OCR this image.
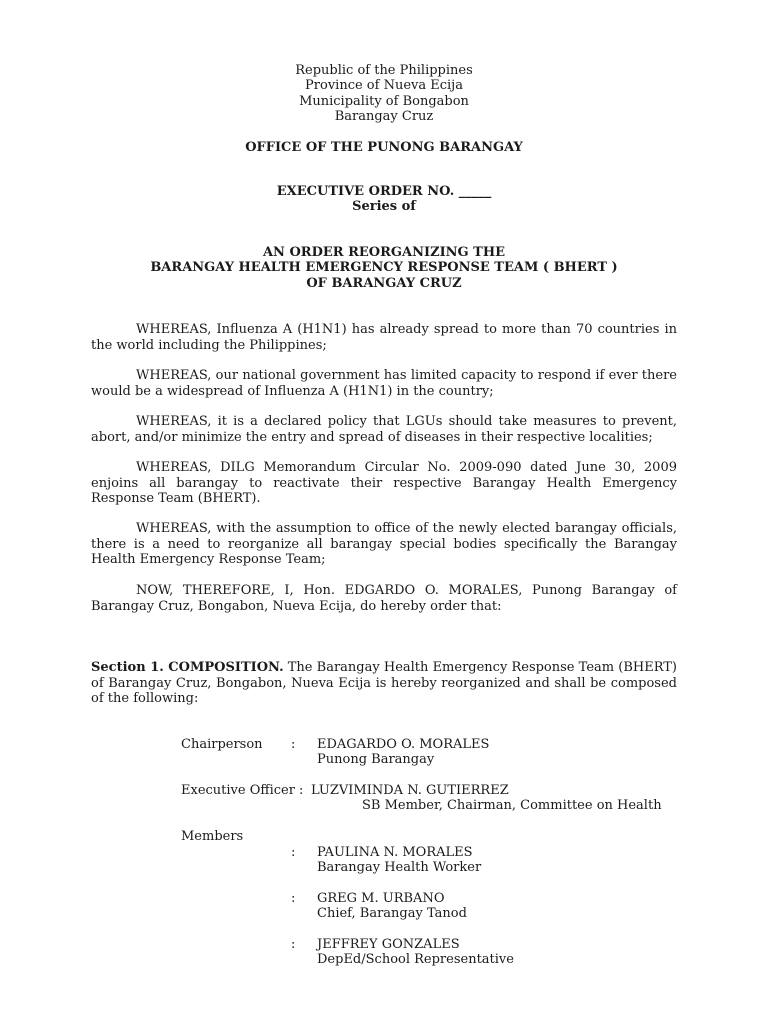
Republic of the Philippines
Province of Nueva Ecija
Municipality of Bongabon
Barangay Cruz
OFFICE OF THE PUNONG BARANGAY
EXECUTIVE ORDER NO. _____
Series of
AN ORDER REORGANIZING THE
BARANGAY HEALTH EMERGENCY RESPONSE TEAM ( BHERT )
OF BARANGAY CRUZ
WHEREAS, Influenza A (H1N1) has already spread to more than 70 countries in the world including the Philippines;
WHEREAS, our national government has limited capacity to respond if ever there would be a widespread of Influenza A (H1N1) in the country;
WHEREAS, it is a declared policy that LGUs should take measures to prevent, abort, and/or minimize the entry and spread of diseases in their respective localities;
WHEREAS, DILG Memorandum Circular No. 2009-090 dated June 30, 2009 enjoins all barangay to reactivate their respective Barangay Health Emergency Response Team (BHERT).
WHEREAS, with the assumption to office of the newly elected barangay officials, there is a need to reorganize all barangay special bodies specifically the Barangay Health Emergency Response Team;
NOW, THEREFORE, I, Hon. EDGARDO O. MORALES, Punong Barangay of Barangay Cruz, Bongabon, Nueva Ecija, do hereby order that:
Section 1. COMPOSITION. The Barangay Health Emergency Response Team (BHERT) of Barangay Cruz, Bongabon, Nueva Ecija is hereby reorganized and shall be composed of the following:
Chairperson : EDAGARDO O. MORALES
Punong Barangay
Executive Officer : LUZVIMINDA N. GUTIERREZ
SB Member, Chairman, Committee on Health
Members
: PAULINA N. MORALES
Barangay Health Worker
: GREG M. URBANO
Chief, Barangay Tanod
: JEFFREY GONZALES
DepEd/School Representative
